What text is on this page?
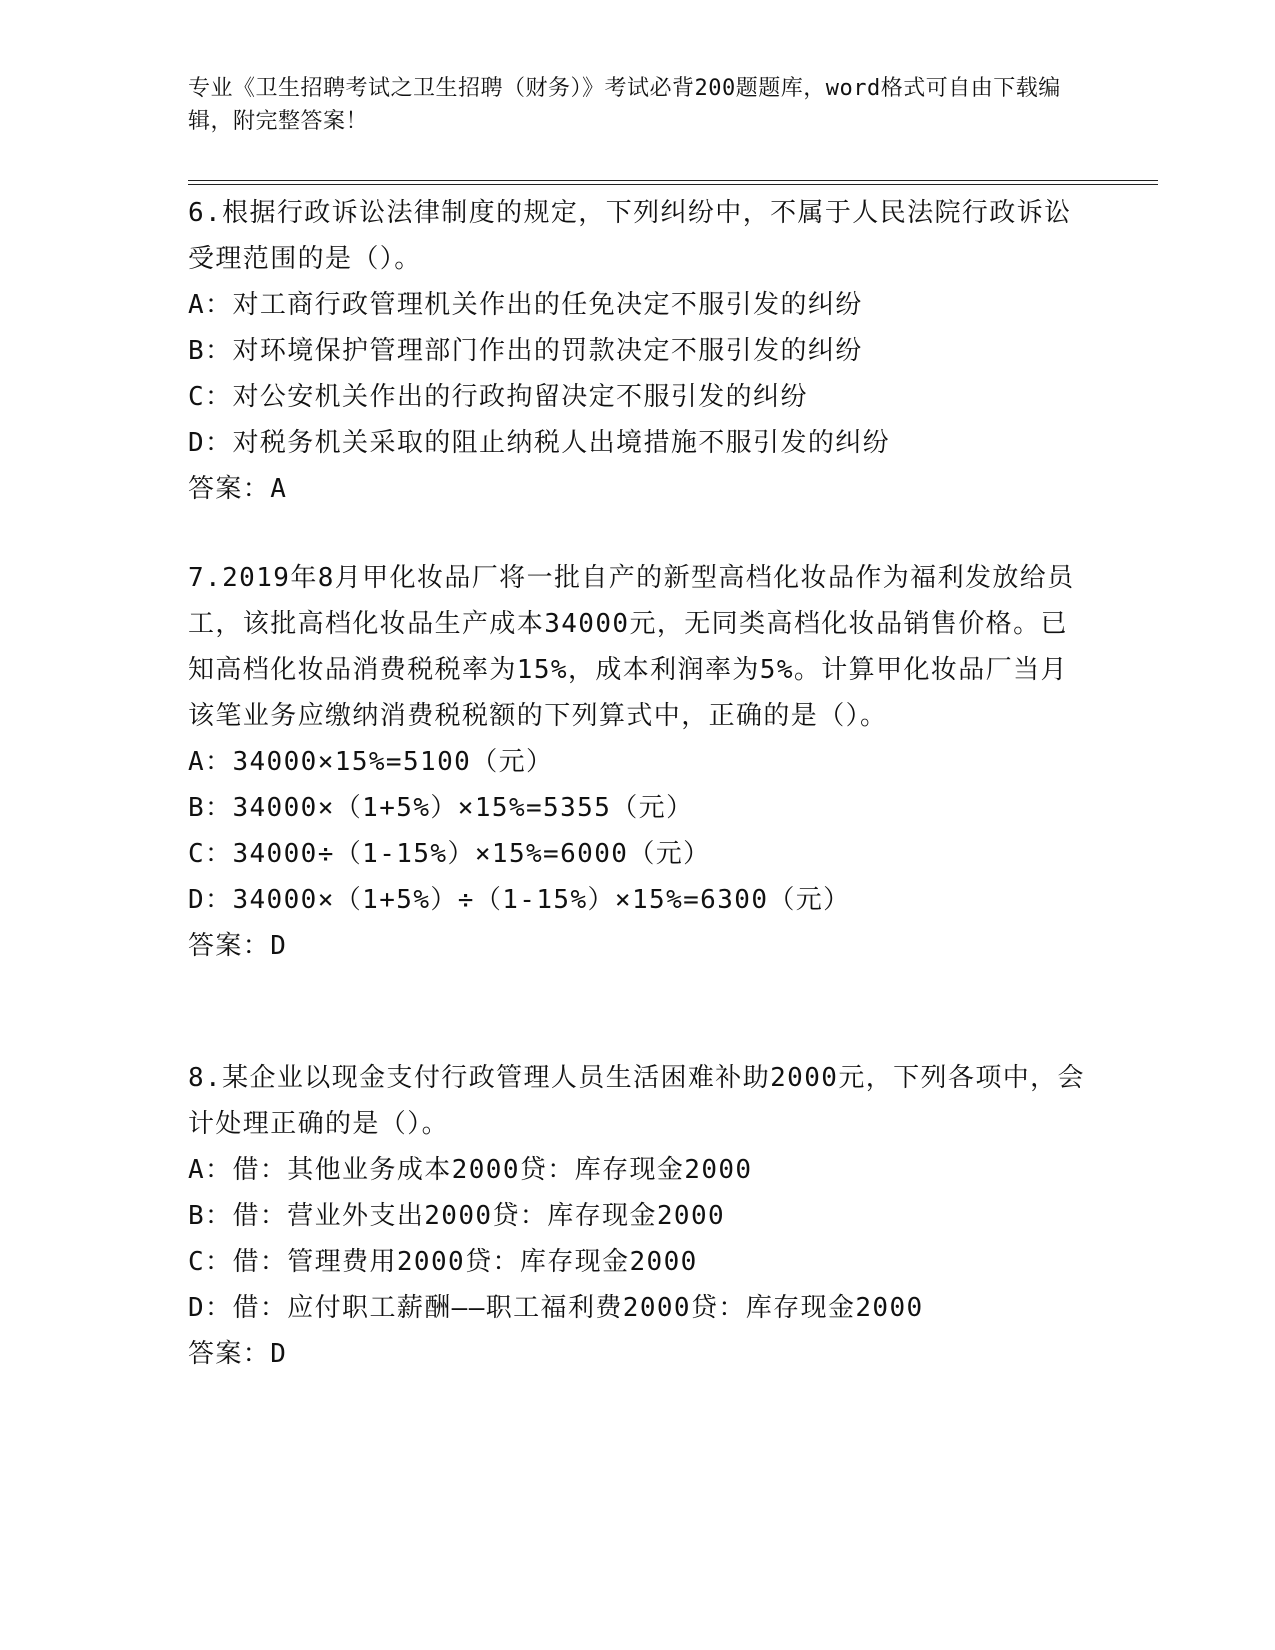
专业《卫生招聘考试之卫生招聘（财务）》考试必背200题题库，word格式可自由下载编辑，附完整答案！

6.根据行政诉讼法律制度的规定，下列纠纷中，不属于人民法院行政诉讼受理范围的是（）。

A：对工商行政管理机关作出的任免决定不服引发的纠纷

B：对环境保护管理部门作出的罚款决定不服引发的纠纷

C：对公安机关作出的行政拘留决定不服引发的纠纷

D：对税务机关采取的阻止纳税人出境措施不服引发的纠纷

答案：A

7.2019年8月甲化妆品厂将一批自产的新型高档化妆品作为福利发放给员工，该批高档化妆品生产成本34000元，无同类高档化妆品销售价格。已知高档化妆品消费税税率为15%，成本利润率为5%。计算甲化妆品厂当月该笔业务应缴纳消费税税额的下列算式中，正确的是（）。

A：34000×15%=5100（元）

B：34000×（1+5%）×15%=5355（元）

C：34000÷（1-15%）×15%=6000（元）

D：34000×（1+5%）÷（1-15%）×15%=6300（元）

答案：D

8.某企业以现金支付行政管理人员生活困难补助2000元，下列各项中，会计处理正确的是（）。

A：借：其他业务成本2000贷：库存现金2000

B：借：营业外支出2000贷：库存现金2000

C：借：管理费用2000贷：库存现金2000

D：借：应付职工薪酬——职工福利费2000贷：库存现金2000

答案：D
